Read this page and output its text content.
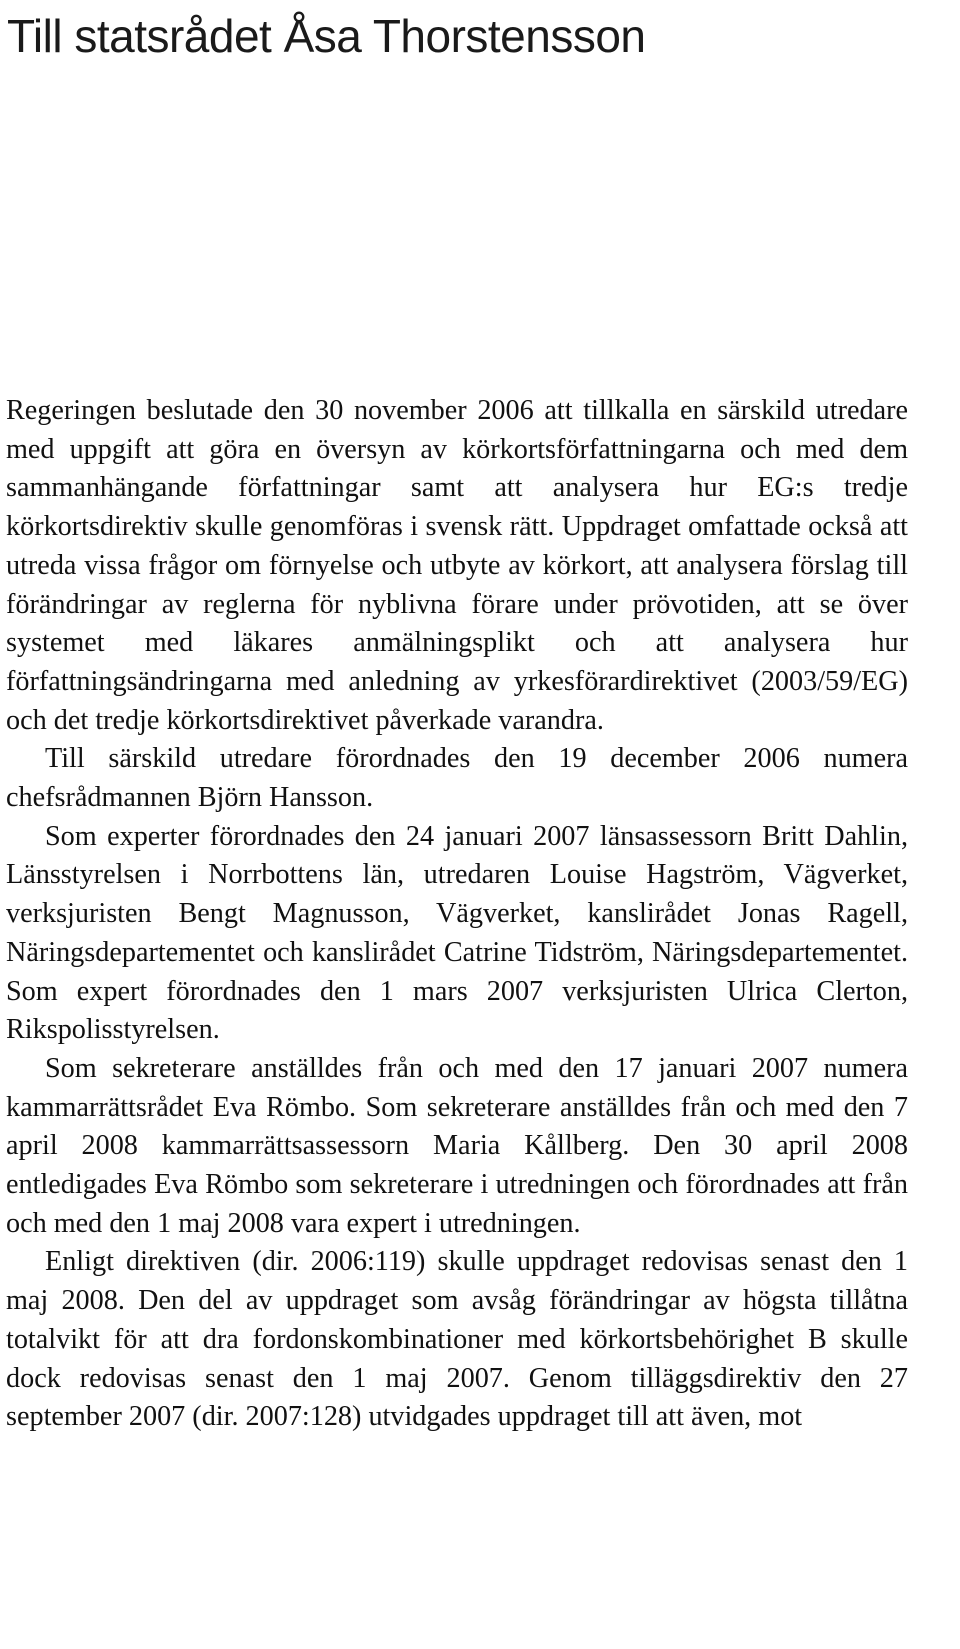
Till statsrådet Åsa Thorstensson

Regeringen beslutade den 30 november 2006 att tillkalla en särskild utredare med uppgift att göra en översyn av körkortsförfattningarna och med dem sammanhängande författningar samt att analysera hur EG:s tredje körkortsdirektiv skulle genomföras i svensk rätt. Uppdraget omfattade också att utreda vissa frågor om förnyelse och utbyte av körkort, att analysera förslag till förändringar av reglerna för nyblivna förare under prövotiden, att se över systemet med läkares anmälningsplikt och att analysera hur författningsändringarna med anledning av yrkesförardirektivet (2003/59/EG) och det tredje körkortsdirektivet påverkade varandra.

Till särskild utredare förordnades den 19 december 2006 numera chefsrådmannen Björn Hansson.

Som experter förordnades den 24 januari 2007 länsassessorn Britt Dahlin, Länsstyrelsen i Norrbottens län, utredaren Louise Hagström, Vägverket, verksjuristen Bengt Magnusson, Vägverket, kanslirådet Jonas Ragell, Näringsdepartementet och kanslirådet Catrine Tidström, Näringsdepartementet. Som expert förordnades den 1 mars 2007 verksjuristen Ulrica Clerton, Rikspolisstyrelsen.

Som sekreterare anställdes från och med den 17 januari 2007 numera kammarrättsrådet Eva Römbo. Som sekreterare anställdes från och med den 7 april 2008 kammarrättsassessorn Maria Kållberg. Den 30 april 2008 entledigades Eva Römbo som sekreterare i utredningen och förordnades att från och med den 1 maj 2008 vara expert i utredningen.

Enligt direktiven (dir. 2006:119) skulle uppdraget redovisas senast den 1 maj 2008. Den del av uppdraget som avsåg förändringar av högsta tillåtna totalvikt för att dra fordonskombinationer med körkortsbehörighet B skulle dock redovisas senast den 1 maj 2007. Genom tilläggsdirektiv den 27 september 2007 (dir. 2007:128) utvidgades uppdraget till att även, mot
